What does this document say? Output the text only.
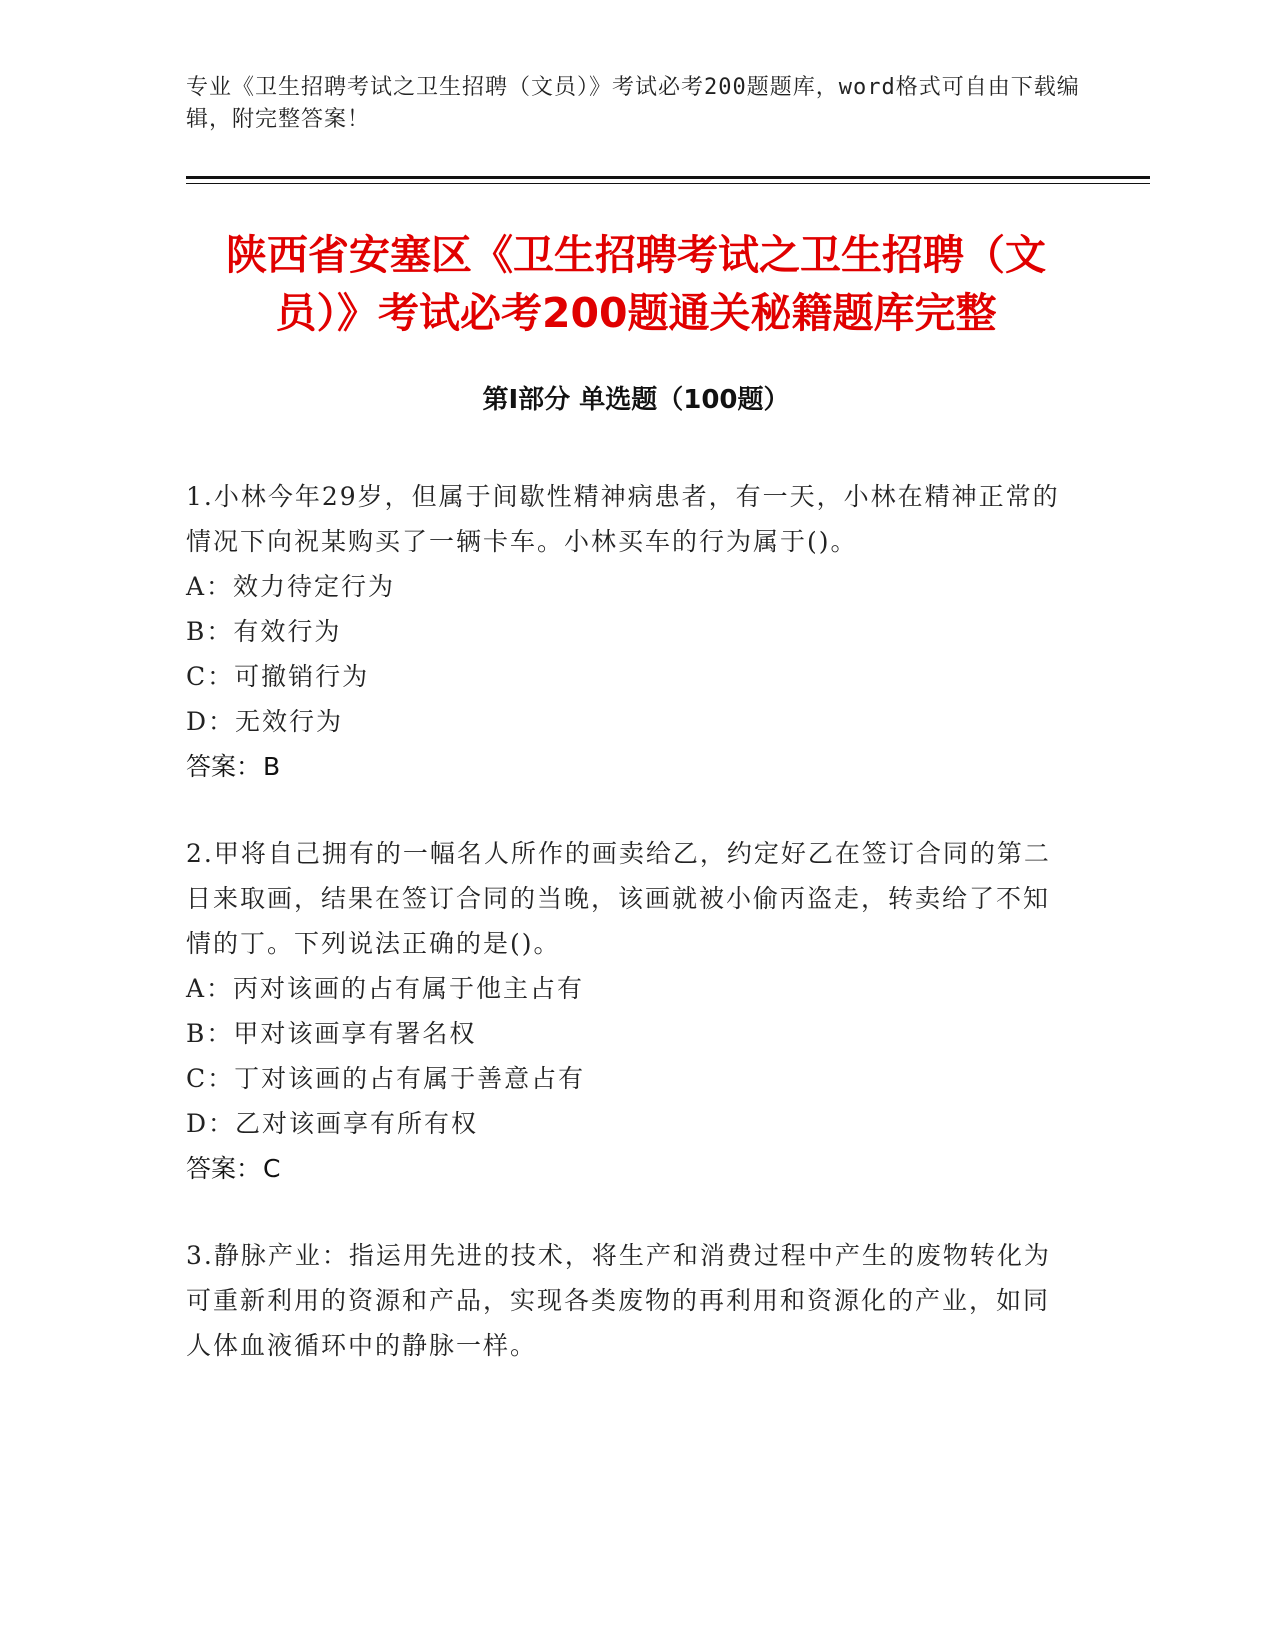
专业《卫生招聘考试之卫生招聘（文员）》考试必考200题题库，word格式可自由下载编辑，附完整答案！
陕西省安塞区《卫生招聘考试之卫生招聘（文员）》考试必考200题通关秘籍题库完整
第I部分 单选题（100题）
1.小林今年29岁，但属于间歇性精神病患者，有一天，小林在精神正常的情况下向祝某购买了一辆卡车。小林买车的行为属于()。
A：效力待定行为
B：有效行为
C：可撤销行为
D：无效行为
答案：B
2.甲将自己拥有的一幅名人所作的画卖给乙，约定好乙在签订合同的第二日来取画，结果在签订合同的当晚，该画就被小偷丙盗走，转卖给了不知情的丁。下列说法正确的是()。
A：丙对该画的占有属于他主占有
B：甲对该画享有署名权
C：丁对该画的占有属于善意占有
D：乙对该画享有所有权
答案：C
3.静脉产业：指运用先进的技术，将生产和消费过程中产生的废物转化为可重新利用的资源和产品，实现各类废物的再利用和资源化的产业，如同人体血液循环中的静脉一样。
